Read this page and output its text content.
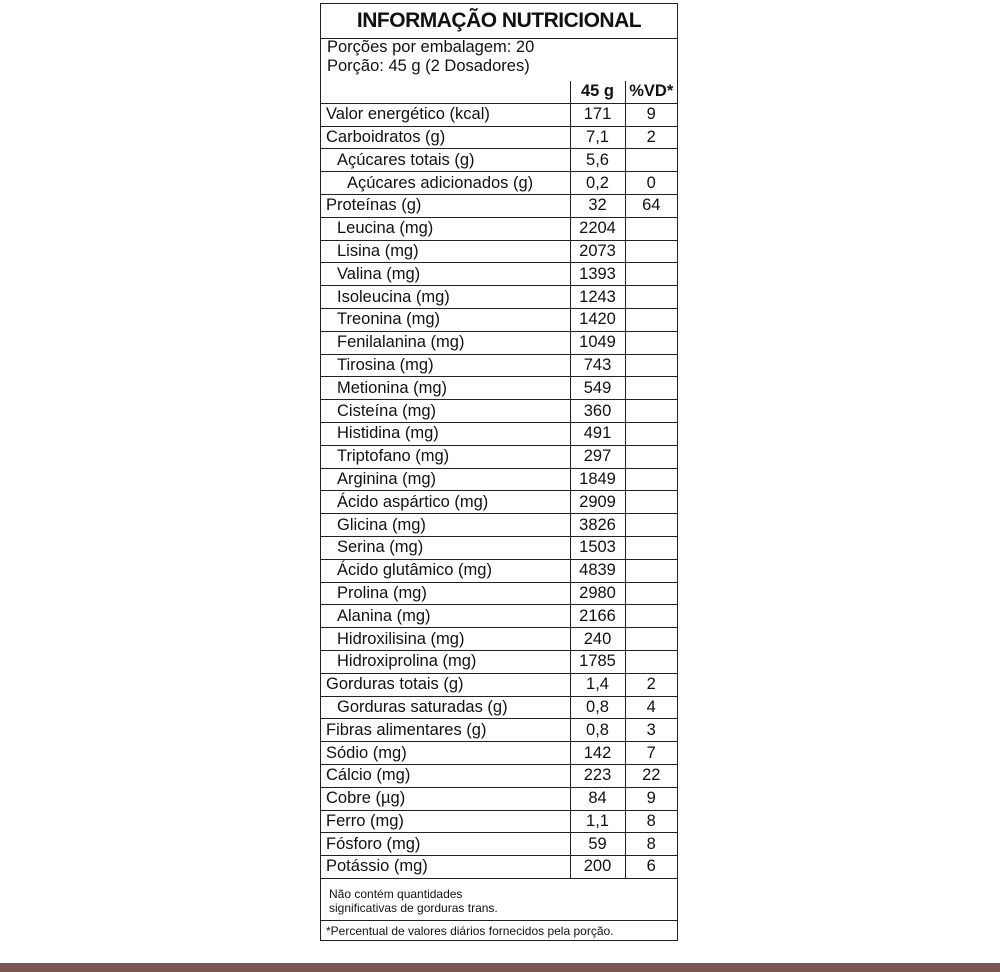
INFORMAÇÃO NUTRICIONAL
Porções por embalagem: 20
Porção: 45 g (2 Dosadores)
	45 g	%VD*
Valor energético (kcal)	171	9
Carboidratos (g)	7,1	2
Açúcares totais (g)	5,6	
Açúcares adicionados (g)	0,2	0
Proteínas (g)	32	64
Leucina (mg)	2204	
Lisina (mg)	2073	
Valina (mg)	1393	
Isoleucina (mg)	1243	
Treonina (mg)	1420	
Fenilalanina (mg)	1049	
Tirosina (mg)	743	
Metionina (mg)	549	
Cisteína (mg)	360	
Histidina (mg)	491	
Triptofano (mg)	297	
Arginina (mg)	1849	
Ácido aspártico (mg)	2909	
Glicina (mg)	3826	
Serina (mg)	1503	
Ácido glutâmico (mg)	4839	
Prolina (mg)	2980	
Alanina (mg)	2166	
Hidroxilisina (mg)	240	
Hidroxiprolina (mg)	1785	
Gorduras totais (g)	1,4	2
Gorduras saturadas (g)	0,8	4
Fibras alimentares (g)	0,8	3
Sódio (mg)	142	7
Cálcio (mg)	223	22
Cobre (µg)	84	9
Ferro (mg)	1,1	8
Fósforo (mg)	59	8
Potássio (mg)	200	6
Não contém quantidades
significativas de gorduras trans.
*Percentual de valores diários fornecidos pela porção.
